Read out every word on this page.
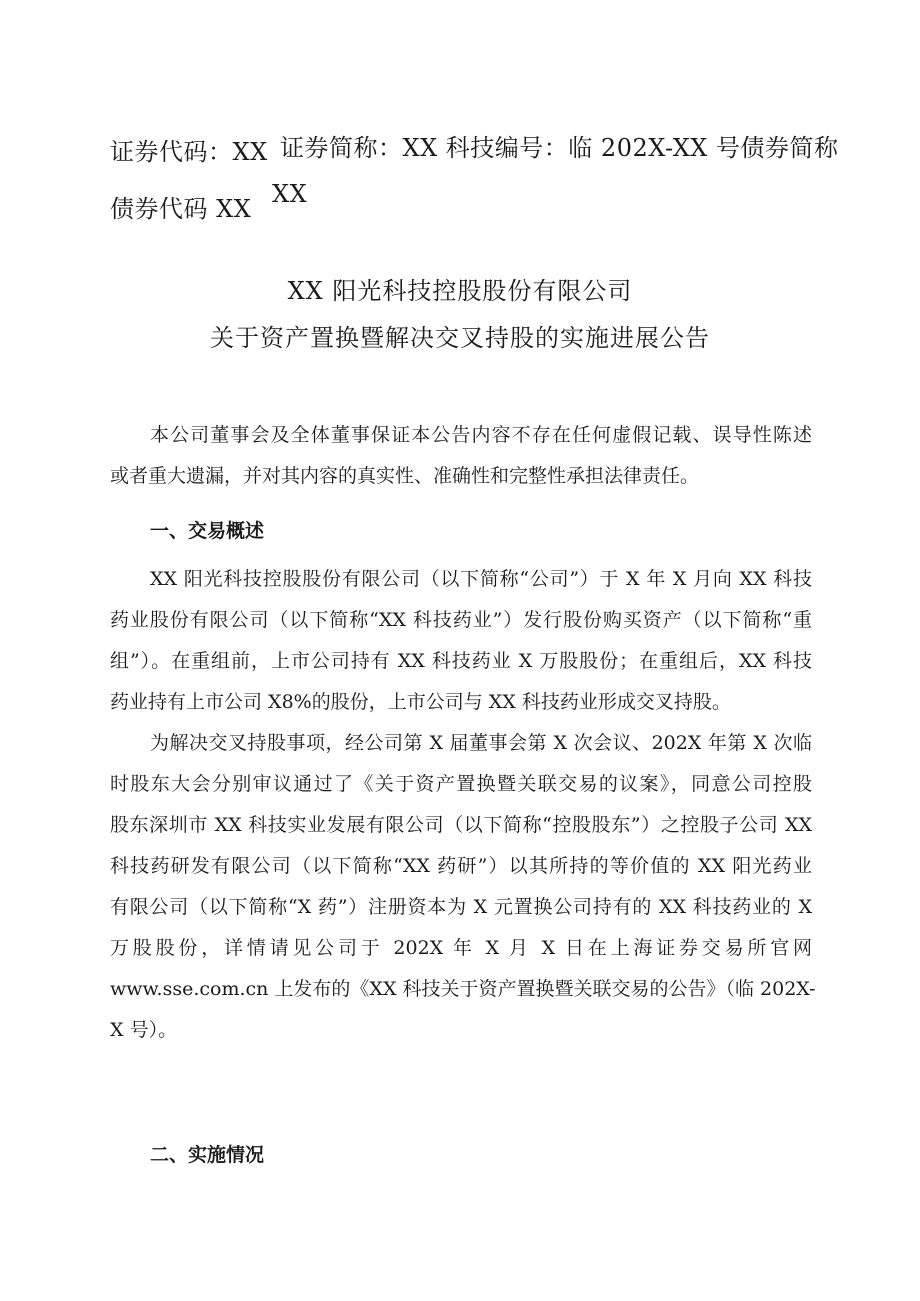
证券代码：XX 证券简称：XX 科技编号：临 202X-XX 号债券简称
债券代码 XX
XX
XX 阳光科技控股股份有限公司
关于资产置换暨解决交叉持股的实施进展公告
本公司董事会及全体董事保证本公告内容不存在任何虚假记载、误导性陈述
或者重大遗漏，并对其内容的真实性、准确性和完整性承担法律责任。
一、交易概述
XX 阳光科技控股股份有限公司（以下简称“公司”）于 X 年 X 月向 XX 科技
药业股份有限公司（以下简称“XX 科技药业”）发行股份购买资产（以下简称“重
组”）。在重组前，上市公司持有 XX 科技药业 X 万股股份；在重组后，XX 科技
药业持有上市公司 X8%的股份，上市公司与 XX 科技药业形成交叉持股。
为解决交叉持股事项，经公司第 X 届董事会第 X 次会议、202X 年第 X 次临
时股东大会分别审议通过了《关于资产置换暨关联交易的议案》，同意公司控股
股东深圳市 XX 科技实业发展有限公司（以下简称“控股股东”）之控股子公司 XX
科技药研发有限公司（以下简称“XX 药研”）以其所持的等价值的 XX 阳光药业
有限公司（以下简称“X 药”）注册资本为 X 元置换公司持有的 XX 科技药业的 X
万股股份，详情请见公司于 202X 年 X 月 X 日在上海证券交易所官网
www.sse.com.cn 上发布的《XX 科技关于资产置换暨关联交易的公告》（临 202X-
X 号）。
二、实施情况
